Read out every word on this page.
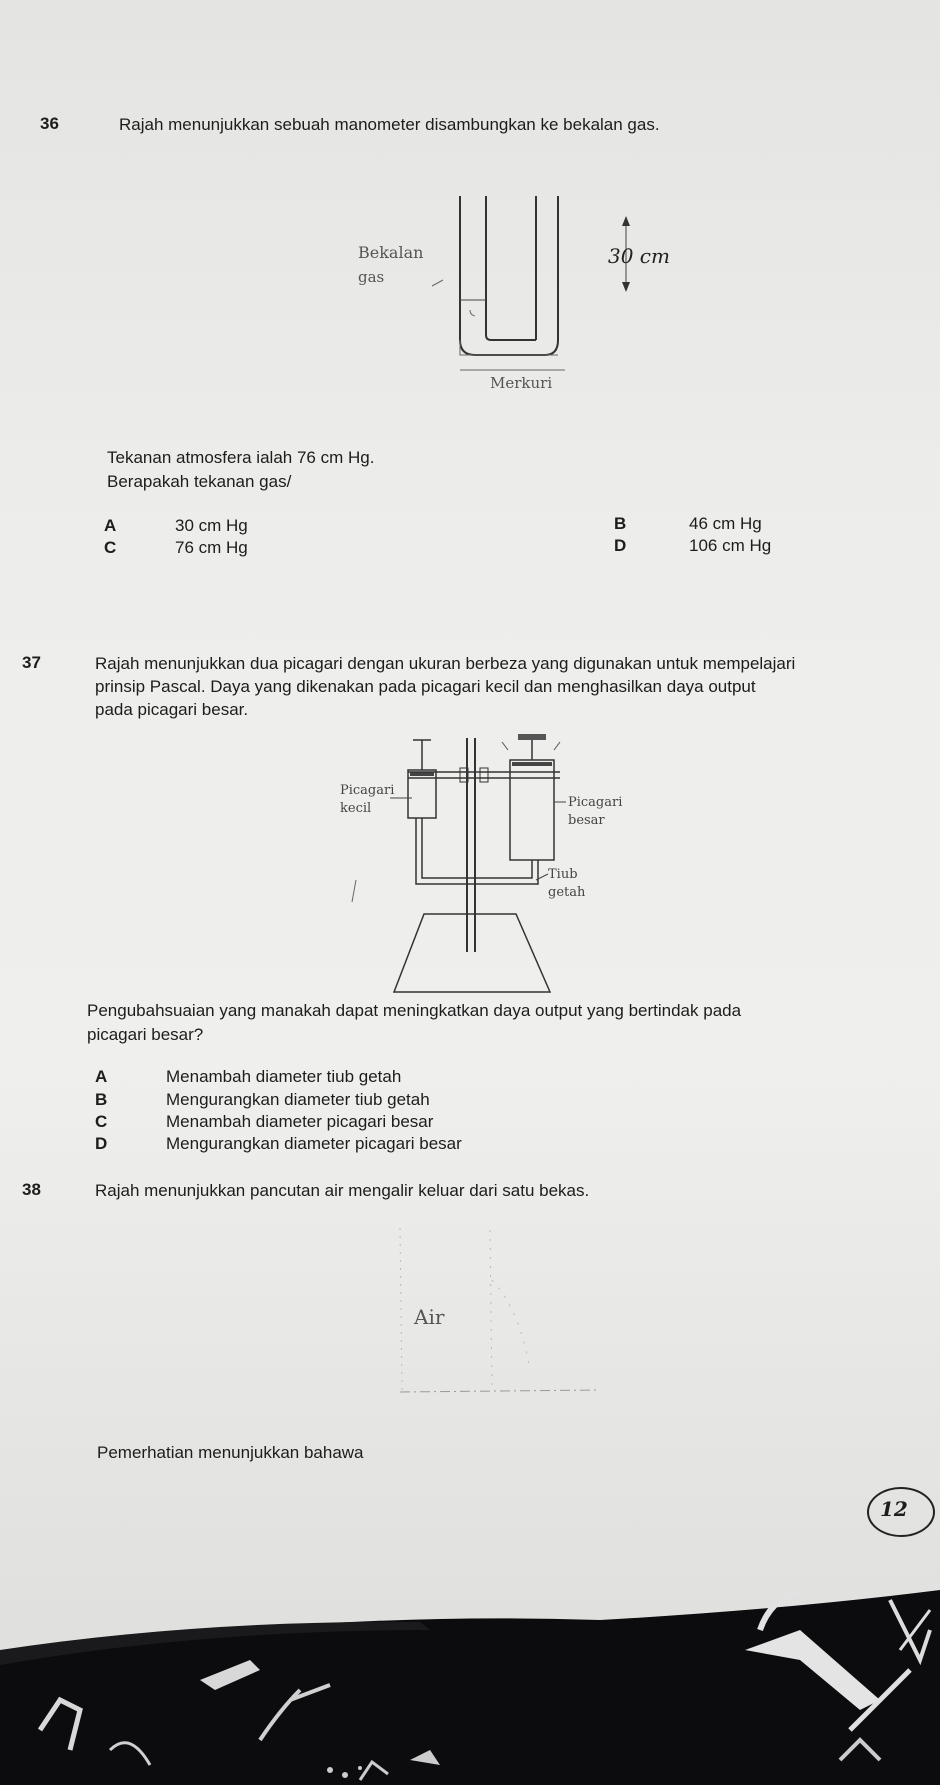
36	Rajah menunjukkan sebuah manometer disambungkan ke bekalan gas.
Bekalan
gas
30 cm
Merkuri
Tekanan atmosfera ialah 76 cm Hg.
Berapakah tekanan gas/
A	30 cm Hg	B	46 cm Hg
C	76 cm Hg	D	106 cm Hg
37	Rajah menunjukkan dua picagari dengan ukuran berbeza yang digunakan untuk mempelajari
prinsip Pascal. Daya yang dikenakan pada picagari kecil dan menghasilkan daya output
pada picagari besar.
Picagari
kecil	Picagari
besar
Tiub
getah
Pengubahsuaian yang manakah dapat meningkatkan daya output yang bertindak pada
picagari besar?
A	Menambah diameter tiub getah
B	Mengurangkan diameter tiub getah
C	Menambah diameter picagari besar
D	Mengurangkan diameter picagari besar
38	Rajah menunjukkan pancutan air mengalir keluar dari satu bekas.
Air
Pemerhatian menunjukkan bahawa
12
